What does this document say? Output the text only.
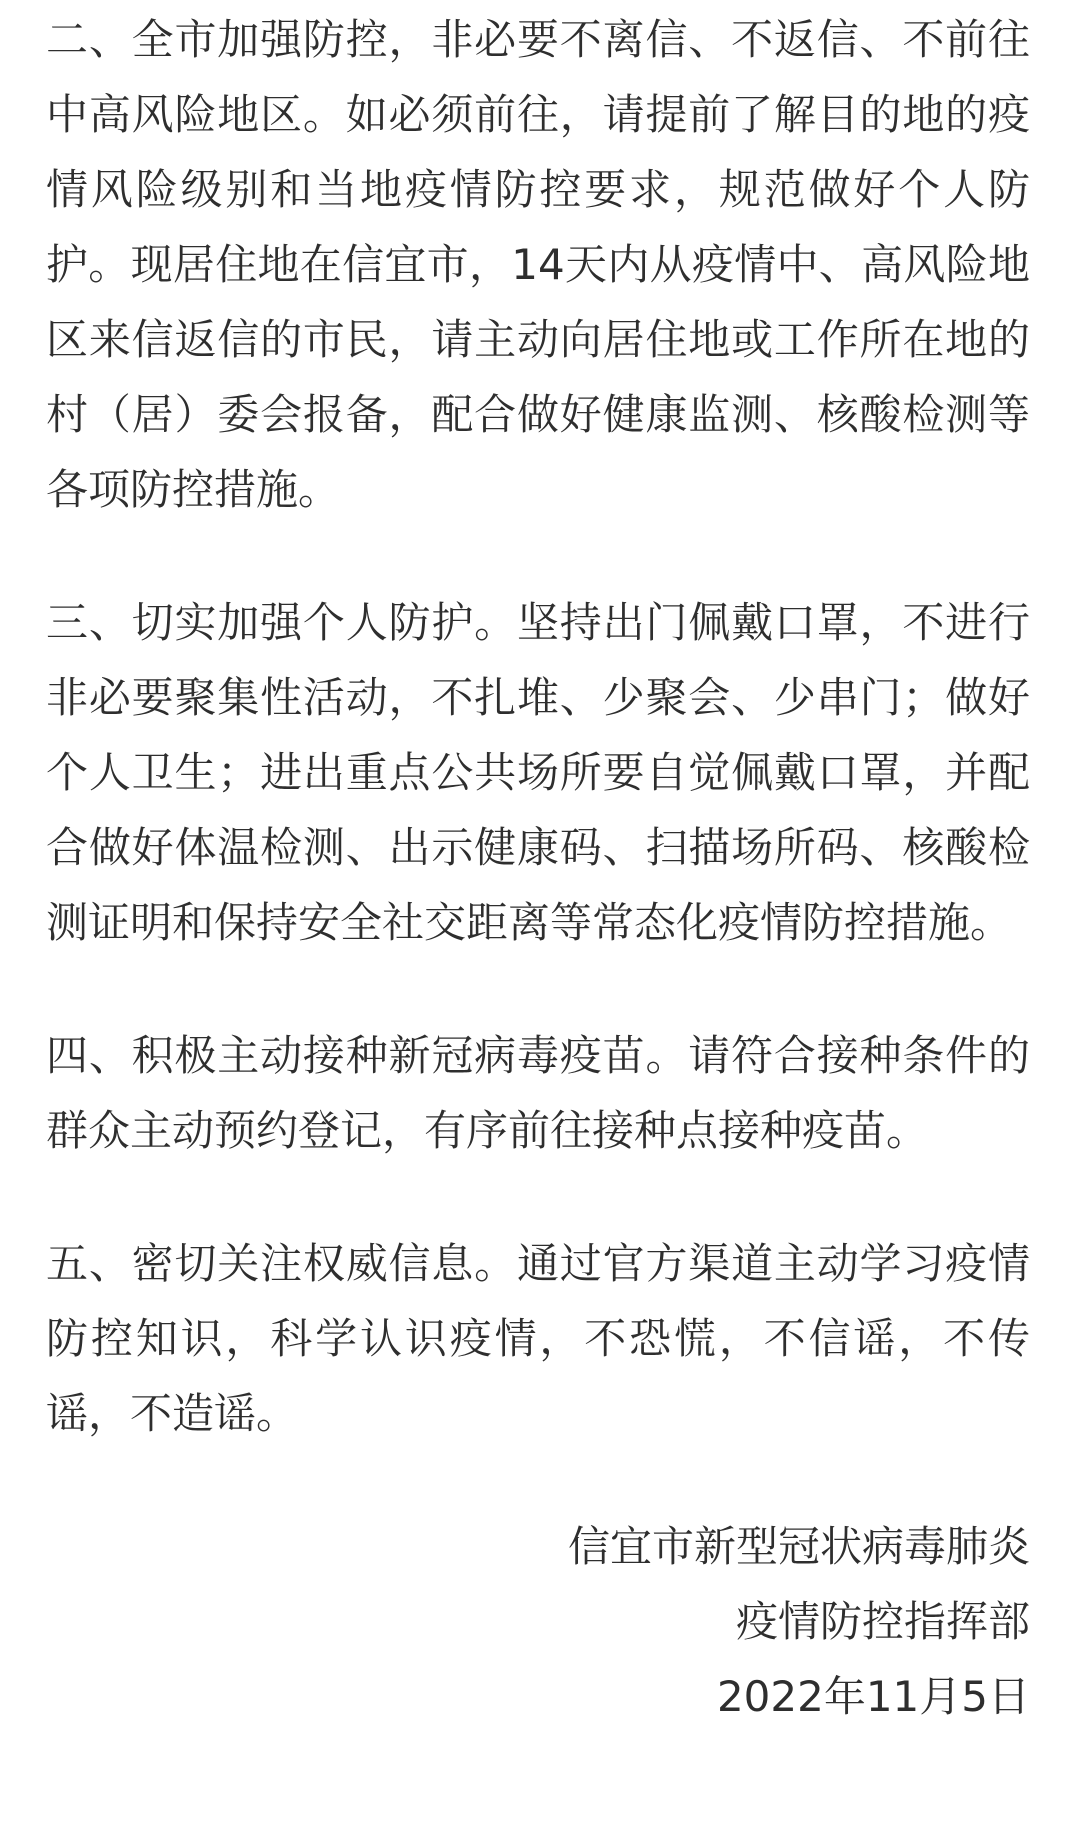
二、全市加强防控，非必要不离信、不返信、不前往中高风险地区。如必须前往，请提前了解目的地的疫情风险级别和当地疫情防控要求，规范做好个人防护。现居住地在信宜市，14天内从疫情中、高风险地区来信返信的市民，请主动向居住地或工作所在地的村（居）委会报备，配合做好健康监测、核酸检测等各项防控措施。

三、切实加强个人防护。坚持出门佩戴口罩，不进行非必要聚集性活动，不扎堆、少聚会、少串门；做好个人卫生；进出重点公共场所要自觉佩戴口罩，并配合做好体温检测、出示健康码、扫描场所码、核酸检测证明和保持安全社交距离等常态化疫情防控措施。

四、积极主动接种新冠病毒疫苗。请符合接种条件的群众主动预约登记，有序前往接种点接种疫苗。

五、密切关注权威信息。通过官方渠道主动学习疫情防控知识，科学认识疫情，不恐慌，不信谣，不传谣，不造谣。

信宜市新型冠状病毒肺炎

疫情防控指挥部

2022年11月5日
